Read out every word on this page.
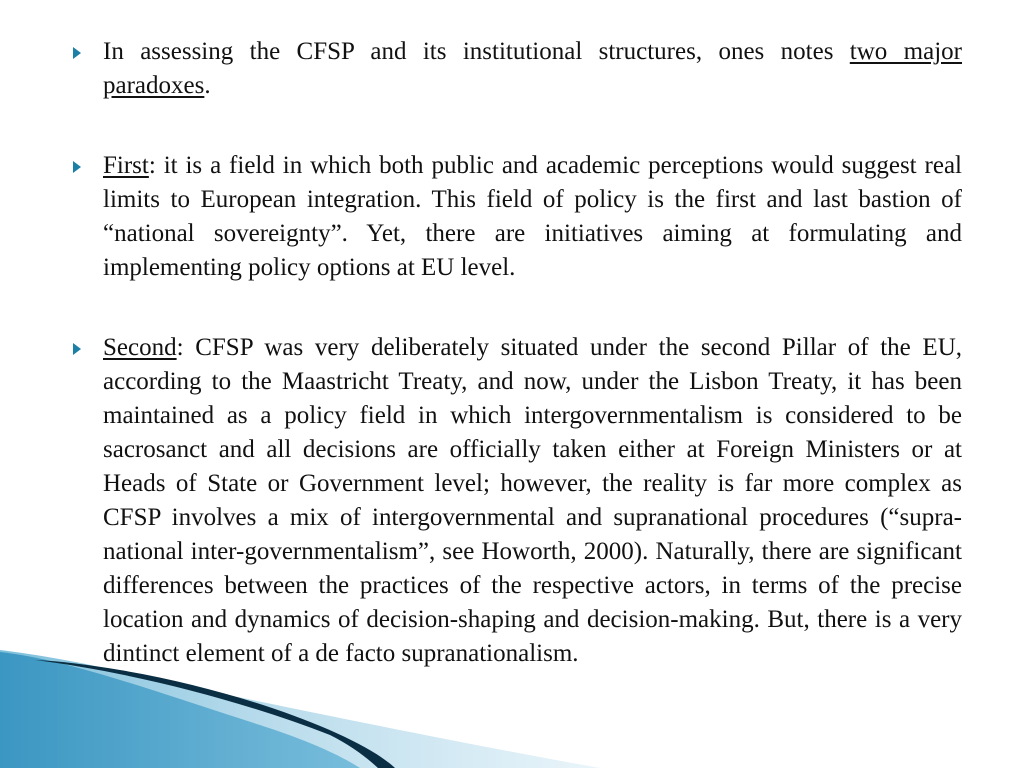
In assessing the CFSP and its institutional structures, ones notes two major paradoxes.
First: it is a field in which both public and academic perceptions would suggest real limits to European integration. This field of policy is the first and last bastion of “national sovereignty”. Yet, there are initiatives aiming at formulating and implementing policy options at EU level.
Second: CFSP was very deliberately situated under the second Pillar of the EU, according to the Maastricht Treaty, and now, under the Lisbon Treaty, it has been maintained as a policy field in which intergovernmentalism is considered to be sacrosanct and all decisions are officially taken either at Foreign Ministers or at Heads of State or Government level; however, the reality is far more complex as CFSP involves a mix of intergovernmental and supranational procedures (“supra-national inter-governmentalism”, see Howorth, 2000). Naturally, there are significant differences between the practices of the respective actors, in terms of the precise location and dynamics of decision-shaping and decision-making. But, there is a very dintinct element of a de facto supranationalism.
